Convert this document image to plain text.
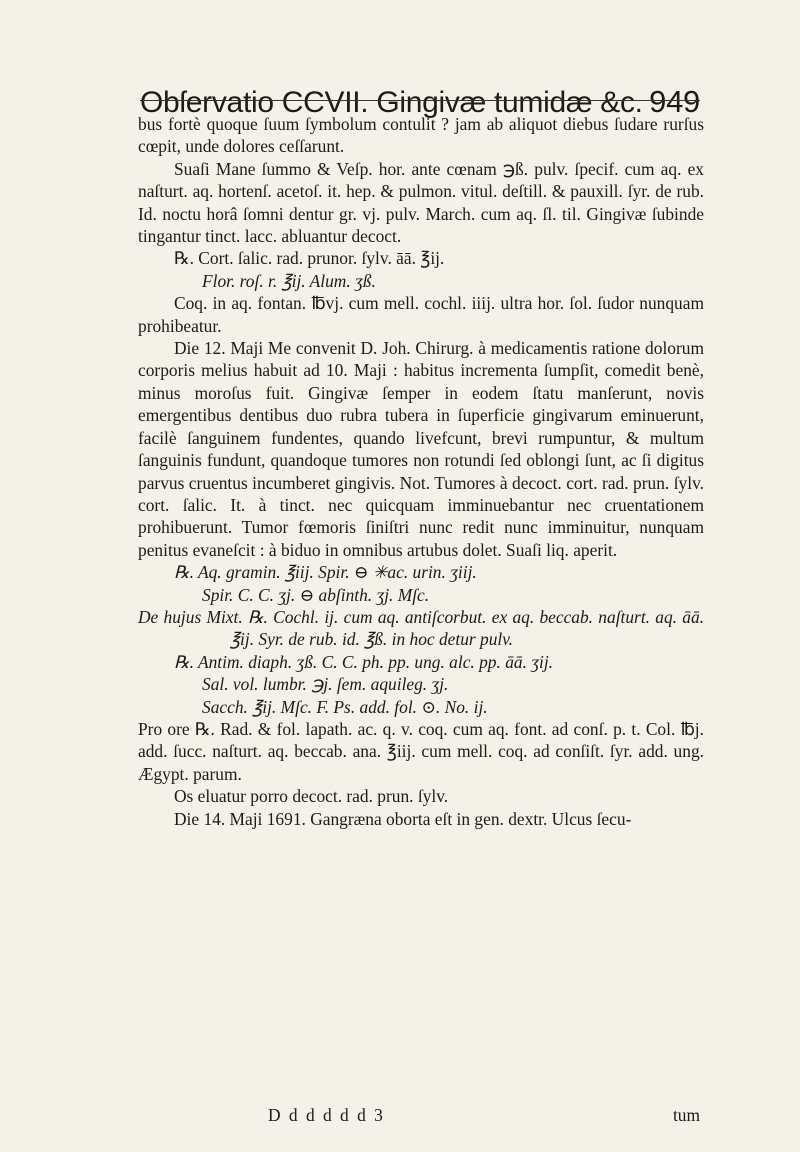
Obſervatio CCVII. Gingivæ tumidæ &c. 949

bus fortè quoque ſuum ſymbolum contulit ? jam ab aliquot diebus ſudare rurſus cœpit, unde dolores ceſſarunt.

Suaſi Mane ſummo & Veſp. hor. ante cœnam ℈ß. pulv. ſpecif. cum aq. ex naſturt. aq. hortenſ. acetoſ. it. hep. & pulmon. vitul. deſtill. & pauxill. ſyr. de rub. Id. noctu horâ ſomni dentur gr. vj. pulv. March. cum aq. ſl. til. Gingivæ ſubinde tingantur tinct. lacc. abluantur decoct.

℞. Cort. ſalic. rad. prunor. ſylv. āā. ℥ij.

Flor. roſ. r. ℥ij. Alum. ʒß.

Coq. in aq. fontan. ℔vj. cum mell. cochl. iiij. ultra hor. ſol. ſudor nunquam prohibeatur.

Die 12. Maji Me convenit D. Joh. Chirurg. à medicamentis ratione dolorum corporis melius habuit ad 10. Maji : habitus incrementa ſumpſit, comedit benè, minus moroſus fuit. Gingivæ ſemper in eodem ſtatu manſerunt, novis emergentibus dentibus duo rubra tubera in ſuperficie gingivarum eminuerunt, facilè ſanguinem fundentes, quando livefcunt, brevi rumpuntur, & multum ſanguinis fundunt, quandoque tumores non rotundi ſed oblongi ſunt, ac ſi digitus parvus cruentus incumberet gingivis. Not. Tumores à decoct. cort. rad. prun. ſylv. cort. ſalic. It. à tinct. nec quicquam imminuebantur nec cruentationem prohibuerunt. Tumor fœmoris ſiniſtri nunc redit nunc imminuitur, nunquam penitus evaneſcit : à biduo in omnibus artubus dolet. Suaſi liq. aperit.

℞. Aq. gramin. ℥iij. Spir. ⊖ ✳ac. urin. ʒiij.

Spir. C. C. ʒj. ⊖ abſinth. ʒj. Mſc.

De hujus Mixt. ℞. Cochl. ij. cum aq. antiſcorbut. ex aq. beccab. naſturt. aq. āā. ℥ij. Syr. de rub. id. ℥ß. in hoc detur pulv.

℞. Antim. diaph. ʒß. C. C. ph. pp. ung. alc. pp. āā. ʒij.

Sal. vol. lumbr. ℈j. ſem. aquileg. ʒj.

Sacch. ℥ij. Mſc. F. Ps. add. fol. ⊙. No. ij.

Pro ore ℞. Rad. & fol. lapath. ac. q. v. coq. cum aq. font. ad conſ. p. t. Col. ℔j. add. ſucc. naſturt. aq. beccab. ana. ℥iij. cum mell. coq. ad conſiſt. ſyr. add. ung. Ægypt. parum.

Os eluatur porro decoct. rad. prun. ſylv.

Die 14. Maji 1691. Gangræna oborta eſt in gen. dextr. Ulcus ſecu-

D d d d d d 3	tum
